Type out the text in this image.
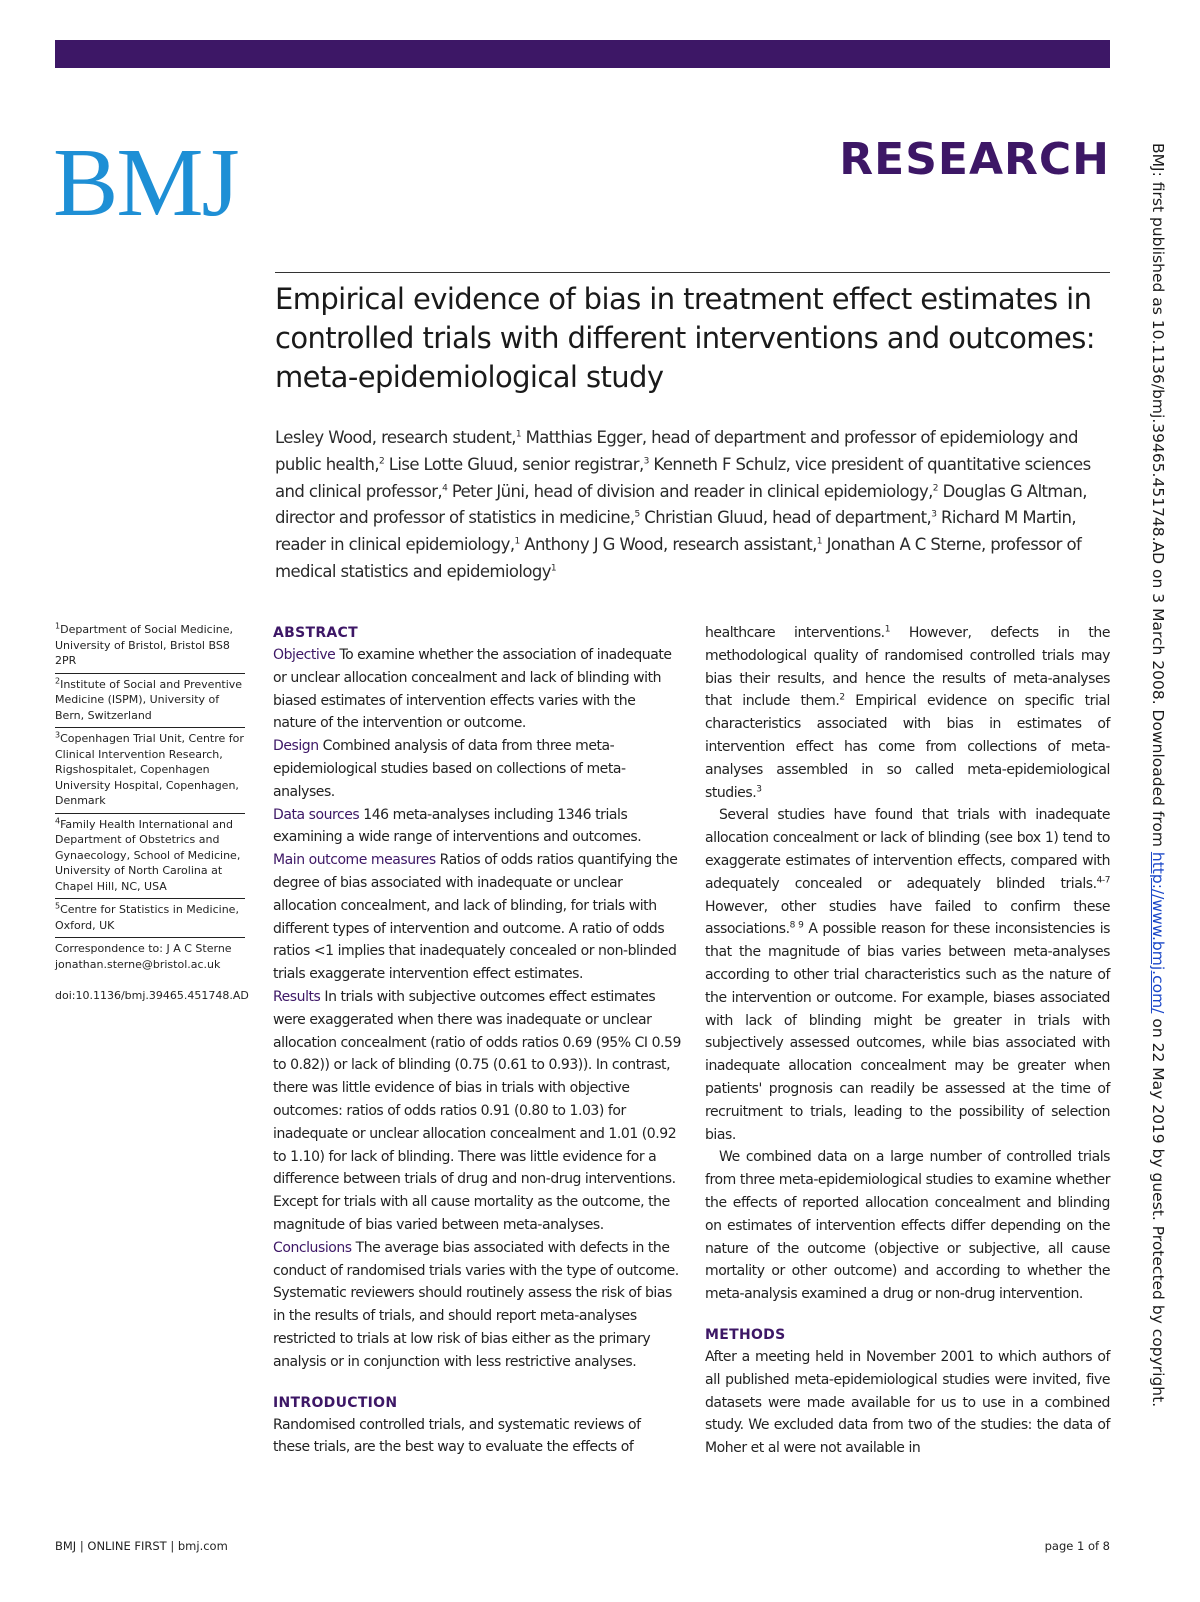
BMJ	RESEARCH
Empirical evidence of bias in treatment effect estimates in controlled trials with different interventions and outcomes: meta-epidemiological study

Lesley Wood, research student,$^1$ Matthias Egger, head of department and professor of epidemiology and public health,$^2$ Lise Lotte Gluud, senior registrar,$^3$ Kenneth F Schulz, vice president of quantitative sciences and clinical professor,$^4$ Peter Jüni, head of division and reader in clinical epidemiology,$^2$ Douglas G Altman, director and professor of statistics in medicine,$^5$ Christian Gluud, head of department,$^3$ Richard M Martin, reader in clinical epidemiology,$^1$ Anthony J G Wood, research assistant,$^1$ Jonathan A C Sterne, professor of medical statistics and epidemiology$^1$

$^1$Department of Social Medicine, University of Bristol, Bristol BS8 2PR
$^2$Institute of Social and Preventive Medicine (ISPM), University of Bern, Switzerland
$^3$Copenhagen Trial Unit, Centre for Clinical Intervention Research, Rigshospitalet, Copenhagen University Hospital, Copenhagen, Denmark
$^4$Family Health International and Department of Obstetrics and Gynaecology, School of Medicine, University of North Carolina at Chapel Hill, NC, USA
$^5$Centre for Statistics in Medicine, Oxford, UK
Correspondence to: J A C Sterne
jonathan.sterne@bristol.ac.uk
doi:10.1136/bmj.39465.451748.AD

ABSTRACT

Objective To examine whether the association of inadequate or unclear allocation concealment and lack of blinding with biased estimates of intervention effects varies with the nature of the intervention or outcome.

Design Combined analysis of data from three meta-epidemiological studies based on collections of meta-analyses.

Data sources 146 meta-analyses including 1346 trials examining a wide range of interventions and outcomes.

Main outcome measures Ratios of odds ratios quantifying the degree of bias associated with inadequate or unclear allocation concealment, and lack of blinding, for trials with different types of intervention and outcome. A ratio of odds ratios <1 implies that inadequately concealed or non-blinded trials exaggerate intervention effect estimates.

Results In trials with subjective outcomes effect estimates were exaggerated when there was inadequate or unclear allocation concealment (ratio of odds ratios 0.69 (95% CI 0.59 to 0.82)) or lack of blinding (0.75 (0.61 to 0.93)). In contrast, there was little evidence of bias in trials with objective outcomes: ratios of odds ratios 0.91 (0.80 to 1.03) for inadequate or unclear allocation concealment and 1.01 (0.92 to 1.10) for lack of blinding. There was little evidence for a difference between trials of drug and non-drug interventions. Except for trials with all cause mortality as the outcome, the magnitude of bias varied between meta-analyses.

Conclusions The average bias associated with defects in the conduct of randomised trials varies with the type of outcome. Systematic reviewers should routinely assess the risk of bias in the results of trials, and should report meta-analyses restricted to trials at low risk of bias either as the primary analysis or in conjunction with less restrictive analyses.

INTRODUCTION

Randomised controlled trials, and systematic reviews of these trials, are the best way to evaluate the effects of

healthcare interventions.$^1$ However, defects in the methodological quality of randomised controlled trials may bias their results, and hence the results of meta-analyses that include them.$^2$ Empirical evidence on specific trial characteristics associated with bias in estimates of intervention effect has come from collections of meta-analyses assembled in so called meta-epidemiological studies.$^3$

Several studies have found that trials with inadequate allocation concealment or lack of blinding (see box 1) tend to exaggerate estimates of intervention effects, compared with adequately concealed or adequately blinded trials.$^{4-7}$ However, other studies have failed to confirm these associations.$^{8 9}$ A possible reason for these inconsistencies is that the magnitude of bias varies between meta-analyses according to other trial characteristics such as the nature of the intervention or outcome. For example, biases associated with lack of blinding might be greater in trials with subjectively assessed outcomes, while bias associated with inadequate allocation concealment may be greater when patients' prognosis can readily be assessed at the time of recruitment to trials, leading to the possibility of selection bias.

We combined data on a large number of controlled trials from three meta-epidemiological studies to examine whether the effects of reported allocation concealment and blinding on estimates of intervention effects differ depending on the nature of the outcome (objective or subjective, all cause mortality or other outcome) and according to whether the meta-analysis examined a drug or non-drug intervention.

METHODS

After a meeting held in November 2001 to which authors of all published meta-epidemiological studies were invited, five datasets were made available for us to use in a combined study. We excluded data from two of the studies: the data of Moher et al were not available in

BMJ: first published as 10.1136/bmj.39465.451748.AD on 3 March 2008. Downloaded from http://www.bmj.com/ on 22 May 2019 by guest. Protected by copyright.
BMJ | ONLINE FIRST | bmj.com	page 1 of 8
